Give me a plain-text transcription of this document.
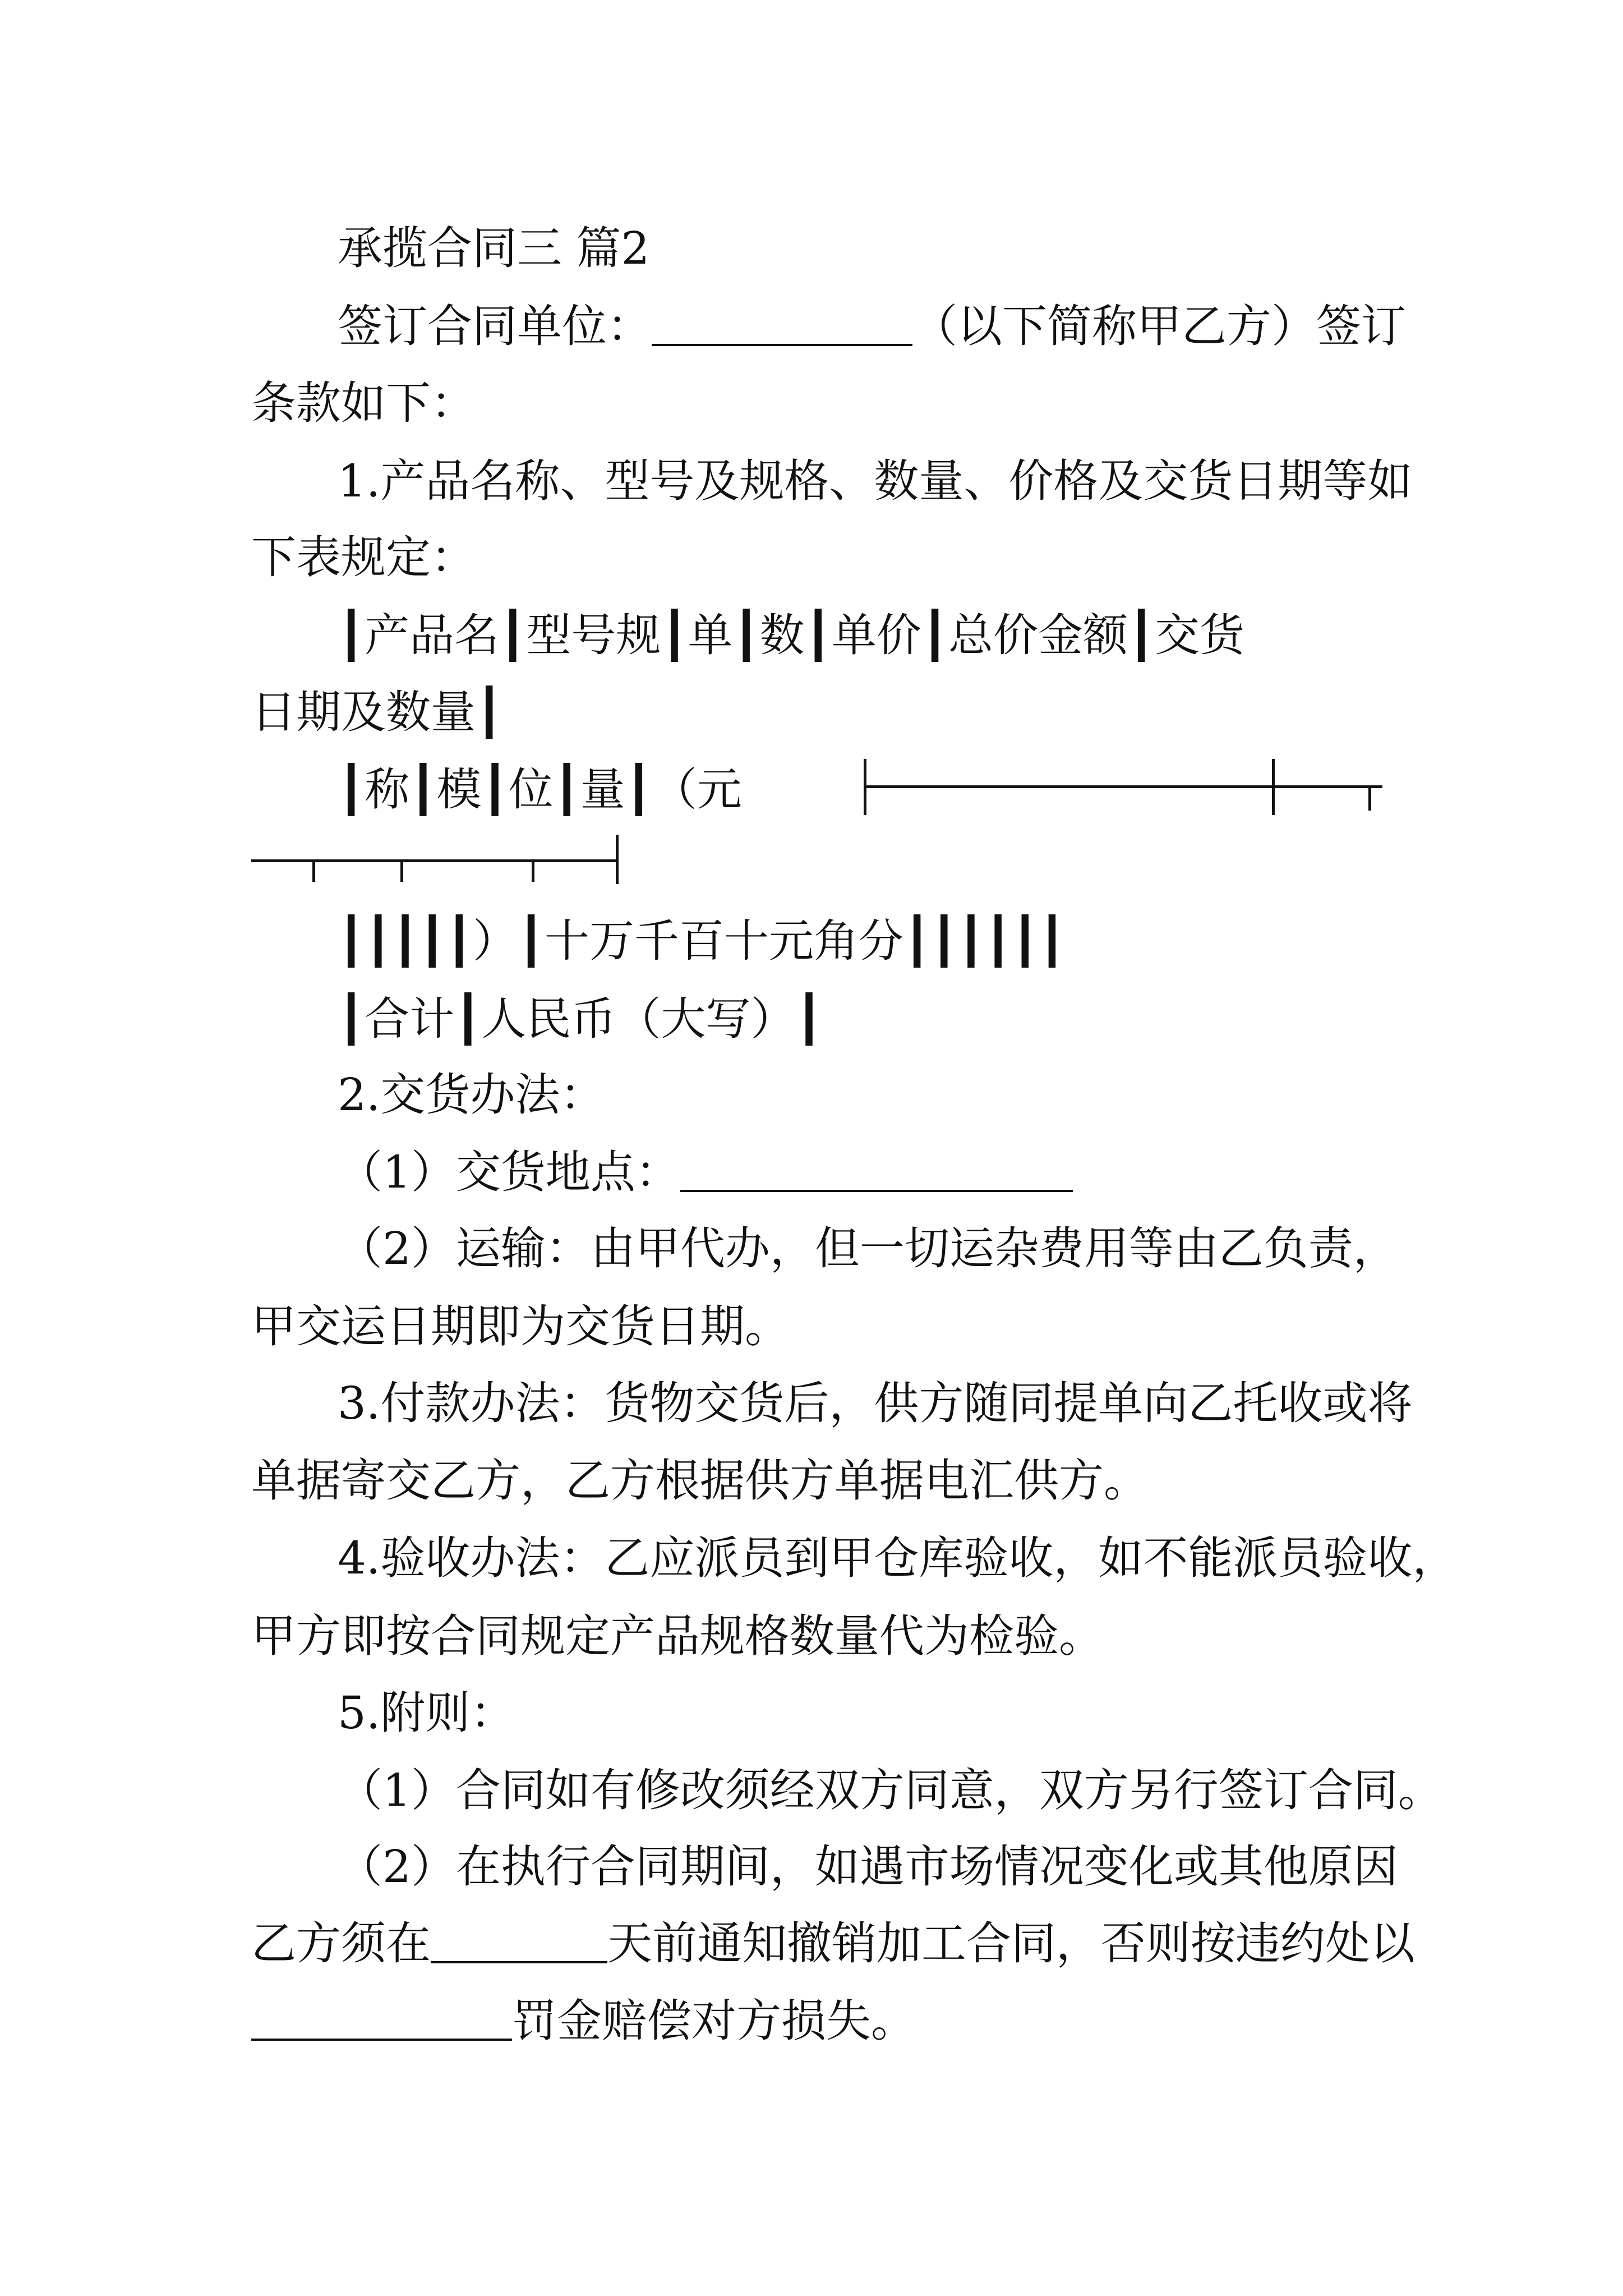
承揽合同三 篇2
签订合同单位：	（以下简称甲乙方）签订
条款如下：
1.产品名称、型号及规格、数量、价格及交货日期等如
下表规定：
┃产品名┃型号规┃单┃数┃单价┃总价金额┃交货
日期及数量┃
┃称┃模┃位┃量┃（元
┃┃┃┃┃）┃十万千百十元角分┃┃┃┃┃┃
┃合计┃人民币（大写）┃
2.交货办法：
（1）交货地点：
（2）运输：由甲代办，但一切运杂费用等由乙负责，
甲交运日期即为交货日期。
3.付款办法：货物交货后，供方随同提单向乙托收或将
单据寄交乙方，乙方根据供方单据电汇供方。
4.验收办法：乙应派员到甲仓库验收，如不能派员验收，
甲方即按合同规定产品规格数量代为检验。
5.附则：
（1）合同如有修改须经双方同意，双方另行签订合同。
（2）在执行合同期间，如遇市场情况变化或其他原因
乙方须在	天前通知撤销加工合同，否则按违约处以
罚金赔偿对方损失。
